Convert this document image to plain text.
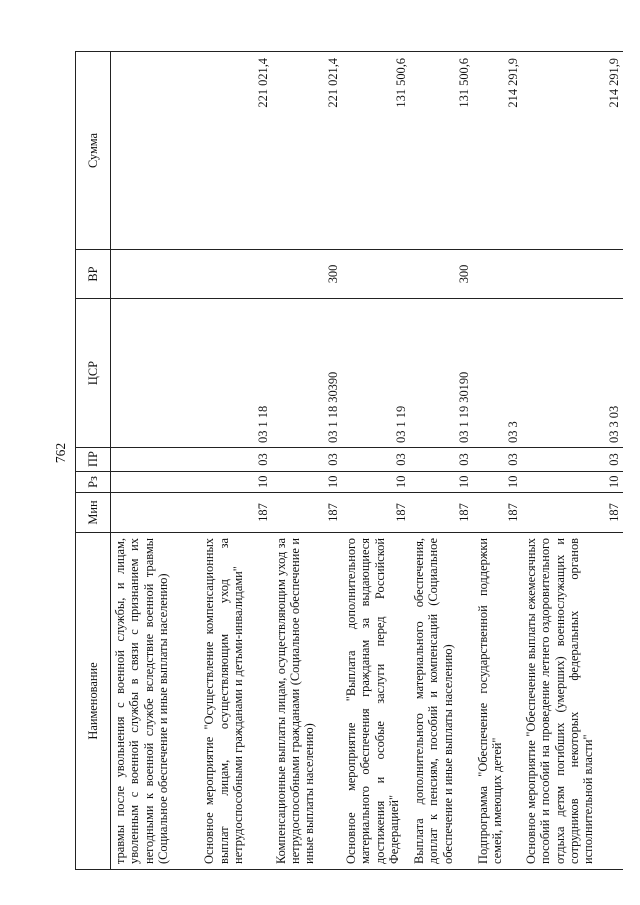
762
Наименование	Мин	Рз	ПР	ЦСР	ВР	Сумма
травмы после увольнения с военной службы, и лицам, уволенным с военной службы в связи с признанием их негодными к военной службе вследствие военной травмы (Социальное обеспечение и иные выплаты населению)						
Основное мероприятие "Осуществление компенсационных выплат лицам, осуществляющим уход за нетрудоспособными гражданами и детьми-инвалидами"	187	10	03	03 1 18		221 021,4
Компенсационные выплаты лицам, осуществляющим уход за нетрудоспособными гражданами (Социальное обеспечение и иные выплаты населению)	187	10	03	03 1 18 30390	300	221 021,4
Основное мероприятие "Выплата дополнительного материального обеспечения гражданам за выдающиеся достижения и особые заслуги перед Российской Федерацией"	187	10	03	03 1 19		131 500,6
Выплата дополнительного материального обеспечения, доплат к пенсиям, пособий и компенсаций (Социальное обеспечение и иные выплаты населению)	187	10	03	03 1 19 30190	300	131 500,6
Подпрограмма "Обеспечение государственной поддержки семей, имеющих детей"	187	10	03	03 3		214 291,9
Основное мероприятие "Обеспечение выплаты ежемесячных пособий и пособий на проведение летнего оздоровительного отдыха детям погибших (умерших) военнослужащих и сотрудников некоторых федеральных органов исполнительной власти"	187	10	03	03 3 03		214 291,9
